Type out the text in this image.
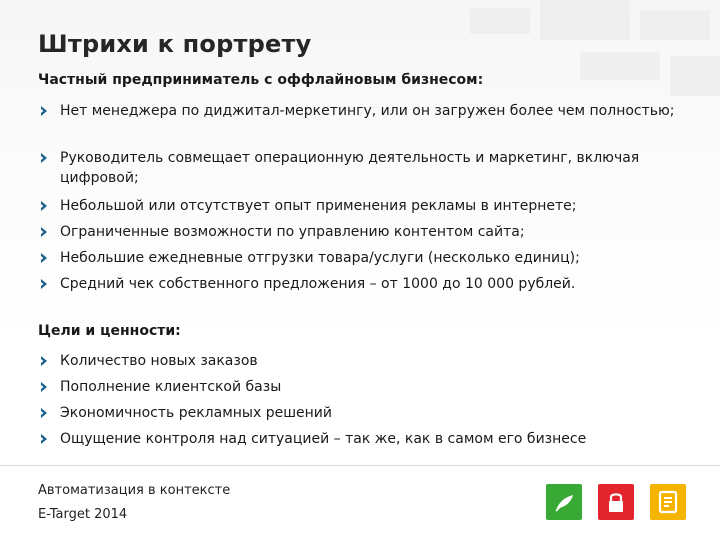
Штрихи к портрету
Частный предприниматель с оффлайновым бизнесом:
Нет менеджера по диджитал-меркетингу, или он загружен более чем полностью;
Руководитель совмещает операционную деятельность и маркетинг, включая цифровой;
Небольшой или отсутствует опыт применения рекламы в интернете;
Ограниченные возможности по управлению контентом сайта;
Небольшие ежедневные отгрузки товара/услуги (несколько единиц);
Средний чек собственного предложения – от 1000 до 10 000 рублей.
Цели и ценности:
Количество новых заказов
Пополнение клиентской базы
Экономичность рекламных решений
Ощущение контроля над ситуацией – так же, как в самом его бизнесе
Автоматизация в контексте
E-Target 2014
